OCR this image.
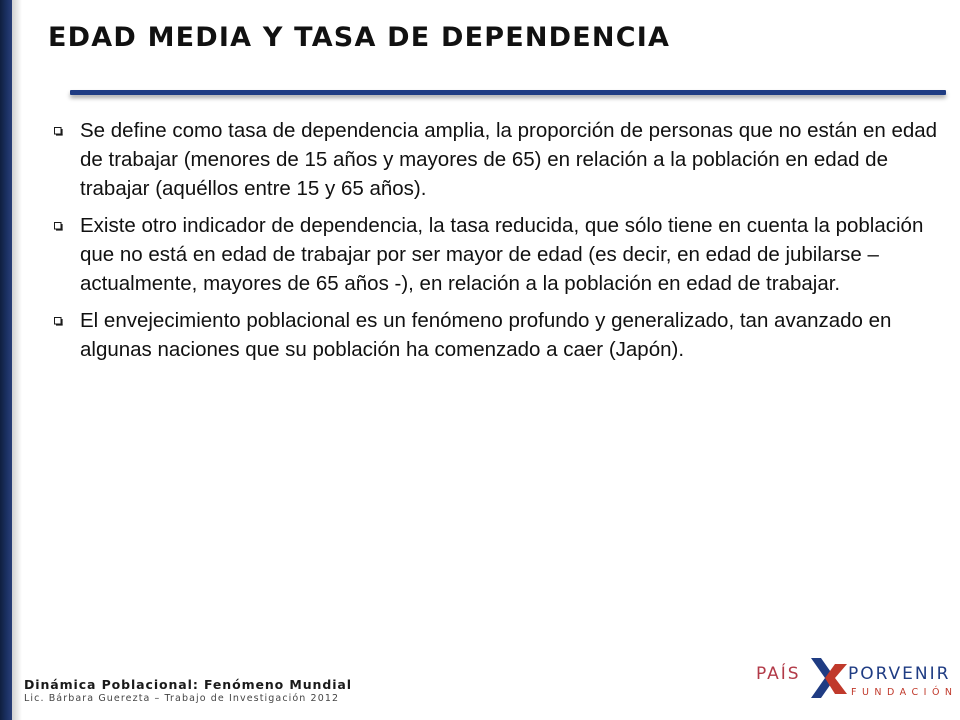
EDAD MEDIA Y TASA DE DEPENDENCIA
Se define como tasa de dependencia amplia, la proporción de personas que no están en edad de trabajar (menores de 15 años y mayores de 65) en relación a la población en edad de trabajar (aquéllos entre 15 y 65 años).
Existe otro indicador de dependencia, la tasa reducida, que sólo tiene en cuenta la población que no está en edad de trabajar por ser mayor de edad (es decir, en edad de jubilarse – actualmente, mayores de 65 años -), en relación a la población en edad de trabajar.
El envejecimiento poblacional es un fenómeno profundo y generalizado, tan avanzado en algunas naciones que su población ha comenzado a caer (Japón).
Dinámica Poblacional: Fenómeno Mundial
Lic. Bárbara Guerezta – Trabajo de Investigación 2012
PAÍS	PORVENIR
FUNDACIÓN
